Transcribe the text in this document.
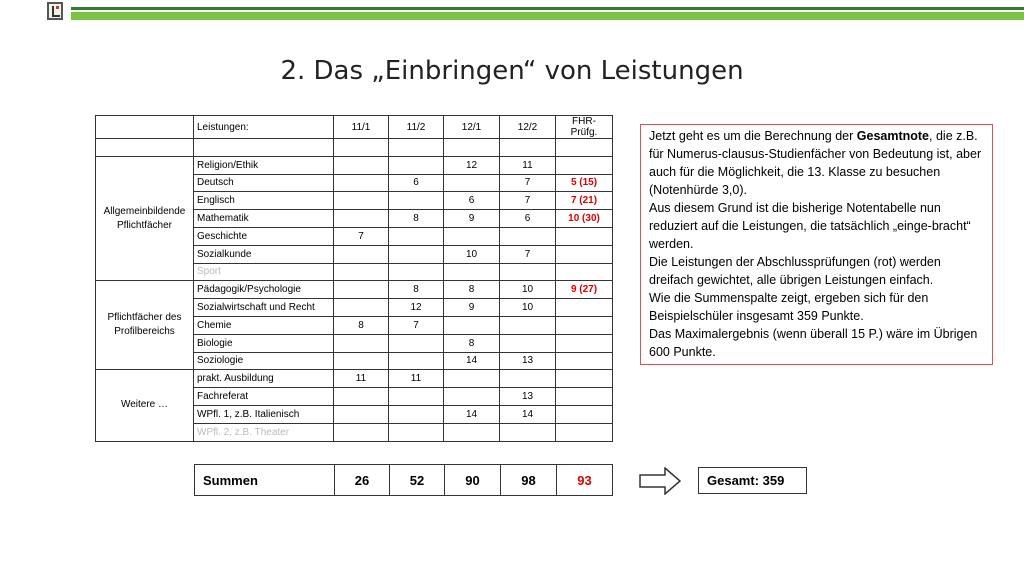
2. Das „Einbringen“ von Leistungen
	Leistungen:	11/1	11/2	12/1	12/2	FHR-Prüfg.

Allgemeinbildende Pflichtfächer	Religion/Ethik			12	11	
	Deutsch		6		7	5 (15)
	Englisch			6	7	7 (21)
	Mathematik		8	9	6	10 (30)
	Geschichte	7				
	Sozialkunde			10	7	
	Sport					
Pflichtfächer des Profilbereichs	Pädagogik/Psychologie		8	8	10	9 (27)
	Sozialwirtschaft und Recht		12	9	10	
	Chemie	8	7			
	Biologie			8		
	Soziologie			14	13	
Weitere …	prakt. Ausbildung	11	11			
	Fachreferat				13	
	WPfl. 1, z.B. Italienisch			14	14	
	WPfl. 2, z.B. Theater					
Summen	26	52	90	98	93
Jetzt geht es um die Berechnung der Gesamtnote, die z.B. für Numerus-clausus-Studienfächer von Bedeutung ist, aber auch für die Möglichkeit, die 13. Klasse zu besuchen (Notenhürde 3,0).
Aus diesem Grund ist die bisherige Notentabelle nun reduziert auf die Leistungen, die tatsächlich „einge-bracht“ werden.
Die Leistungen der Abschlussprüfungen (rot) werden dreifach gewichtet, alle übrigen Leistungen einfach.
Wie die Summenspalte zeigt, ergeben sich für den Beispielschüler insgesamt 359 Punkte.
Das Maximalergebnis (wenn überall 15 P.) wäre im Übrigen 600 Punkte.
Gesamt: 359
